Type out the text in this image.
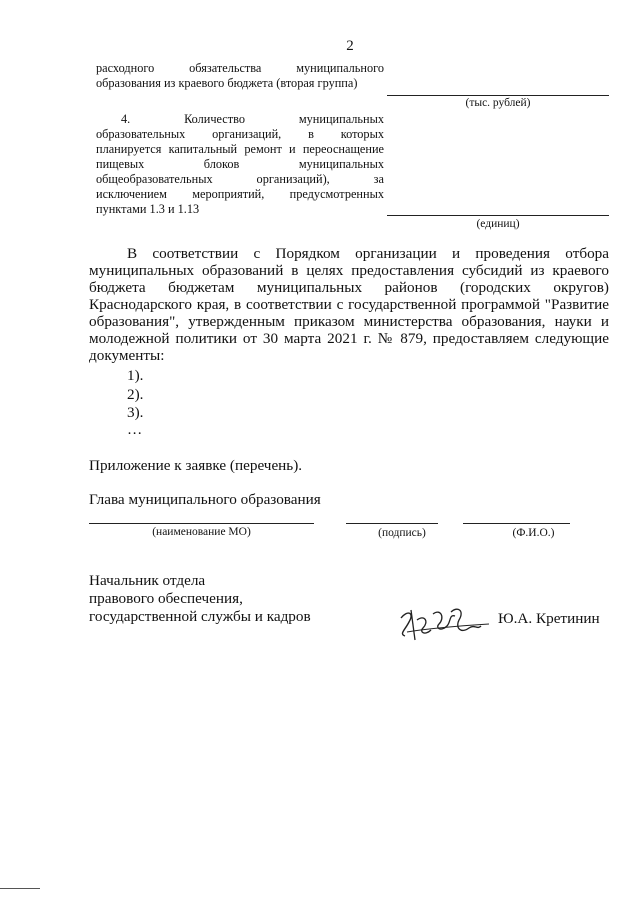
2
расходного обязательства муниципального
образования из краевого бюджета (вторая группа)
(тыс. рублей)
4. Количество муниципальных
образовательных организаций, в которых
планируется капитальный ремонт и переоснащение
пищевых блоков муниципальных
общеобразовательных организаций), за
исключением мероприятий, предусмотренных
пунктами 1.3 и 1.13
(единиц)
В соответствии с Порядком организации и проведения отбора
муниципальных образований в целях предоставления субсидий из краевого
бюджета бюджетам муниципальных районов (городских округов)
Краснодарского края, в соответствии с государственной программой "Развитие
образования", утвержденным приказом министерства образования, науки и
молодежной политики от 30 марта 2021 г. № 879, предоставляем следующие
документы:
1).
2).
3).
…
Приложение к заявке (перечень).
Глава муниципального образования
(наименование МО)	(подпись)	(Ф.И.О.)
Начальник отдела
правового обеспечения,
государственной службы и кадров	Ю.А. Кретинин
